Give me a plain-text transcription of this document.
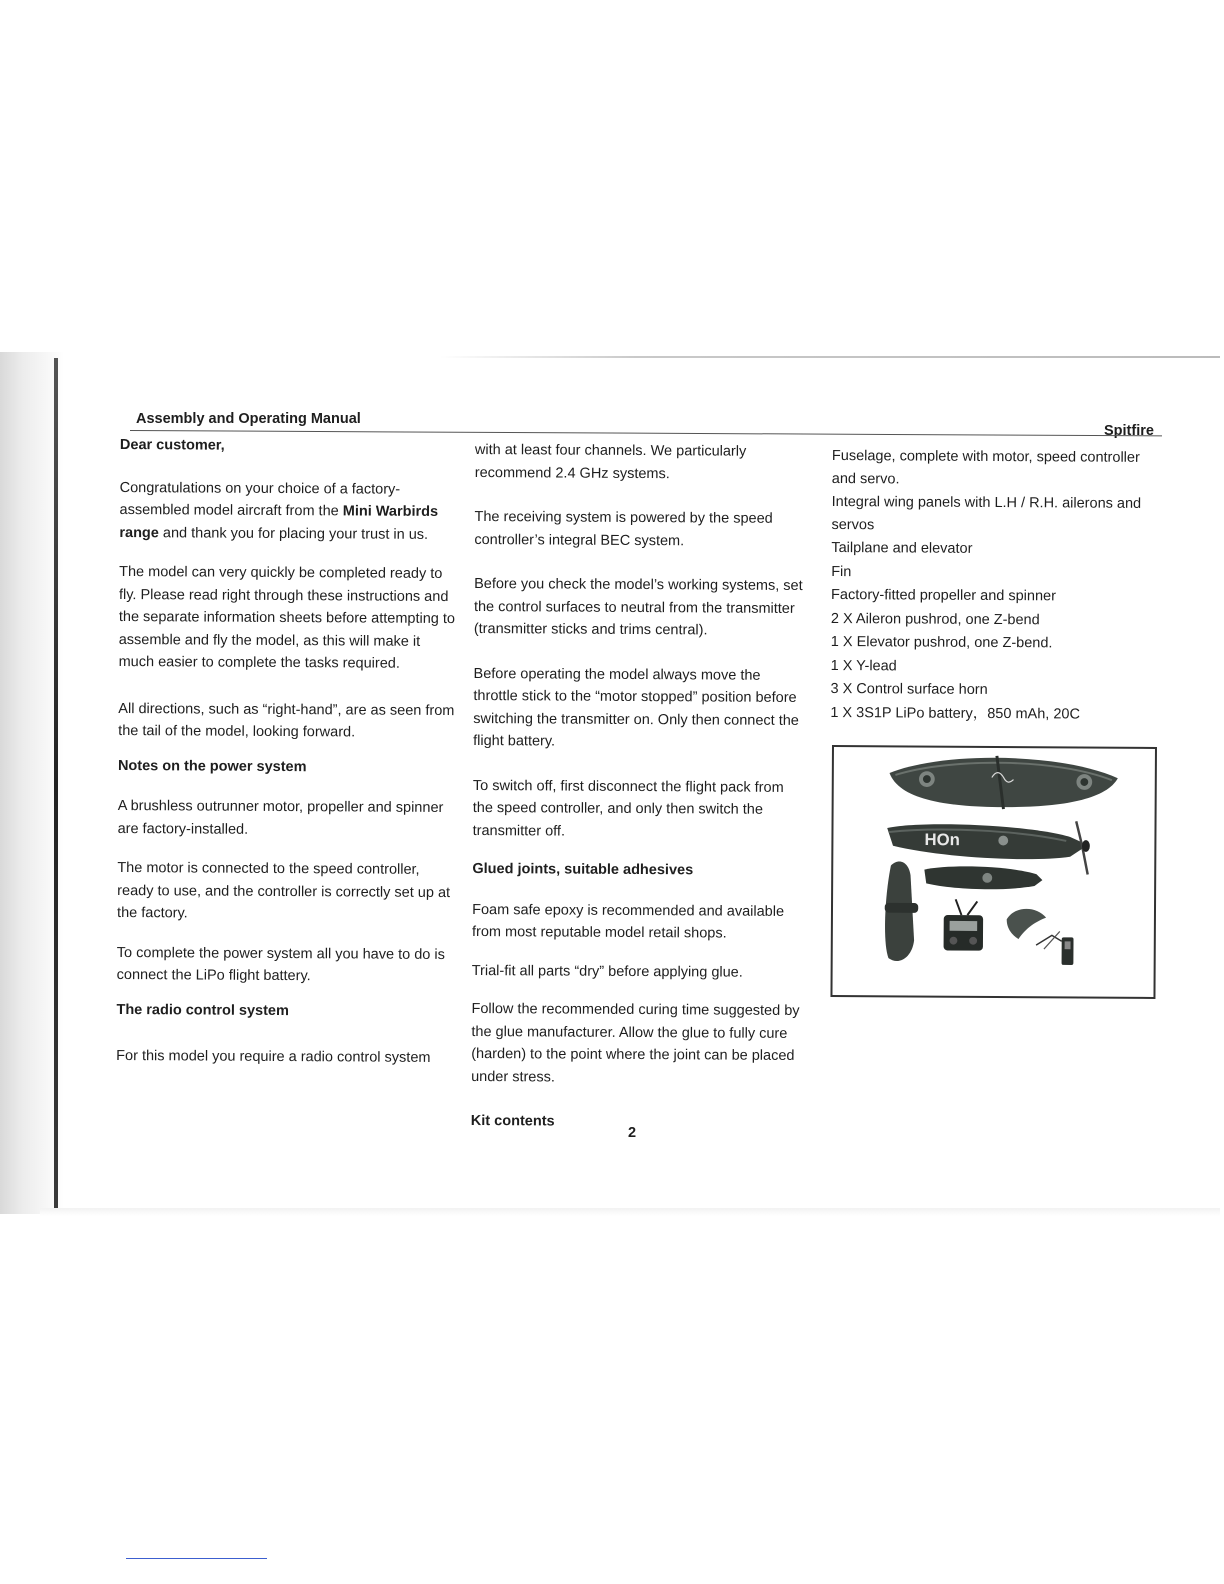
Assembly and Operating Manual
Spitfire
Dear customer,

Congratulations on your choice of a factory-assembled model aircraft from the Mini Warbirds range and thank you for placing your trust in us.

The model can very quickly be completed ready to fly. Please read right through these instructions and the separate information sheets before attempting to assemble and fly the model, as this will make it much easier to complete the tasks required.

All directions, such as “right-hand”, are as seen from the tail of the model, looking forward.

Notes on the power system

A brushless outrunner motor, propeller and spinner are factory-installed.

The motor is connected to the speed controller, ready to use, and the controller is correctly set up at the factory.

To complete the power system all you have to do is connect the LiPo flight battery.

The radio control system

For this model you require a radio control system

with at least four channels. We particularly recommend 2.4 GHz systems.

The receiving system is powered by the speed controller’s integral BEC system.

Before you check the model’s working systems, set the control surfaces to neutral from the transmitter (transmitter sticks and trims central).

Before operating the model always move the throttle stick to the “motor stopped” position before switching the transmitter on. Only then connect the flight battery.

To switch off, first disconnect the flight pack from the speed controller, and only then switch the transmitter off.

Glued joints, suitable adhesives

Foam safe epoxy is recommended and available from most reputable model retail shops.

Trial-fit all parts “dry” before applying glue.

Follow the recommended curing time suggested by the glue manufacturer. Allow the glue to fully cure (harden) to the point where the joint can be placed under stress.

Kit contents
Fuselage, complete with motor, speed controller and servo.
Integral wing panels with L.H / R.H. ailerons and servos
Tailplane and elevator
Fin
Factory-fitted propeller and spinner
2 X Aileron pushrod, one Z-bend
1 X Elevator pushrod, one Z-bend.
1 X Y-lead
3 X Control surface horn
1 X 3S1P LiPo battery，850 mAh, 20C
HOn
2
